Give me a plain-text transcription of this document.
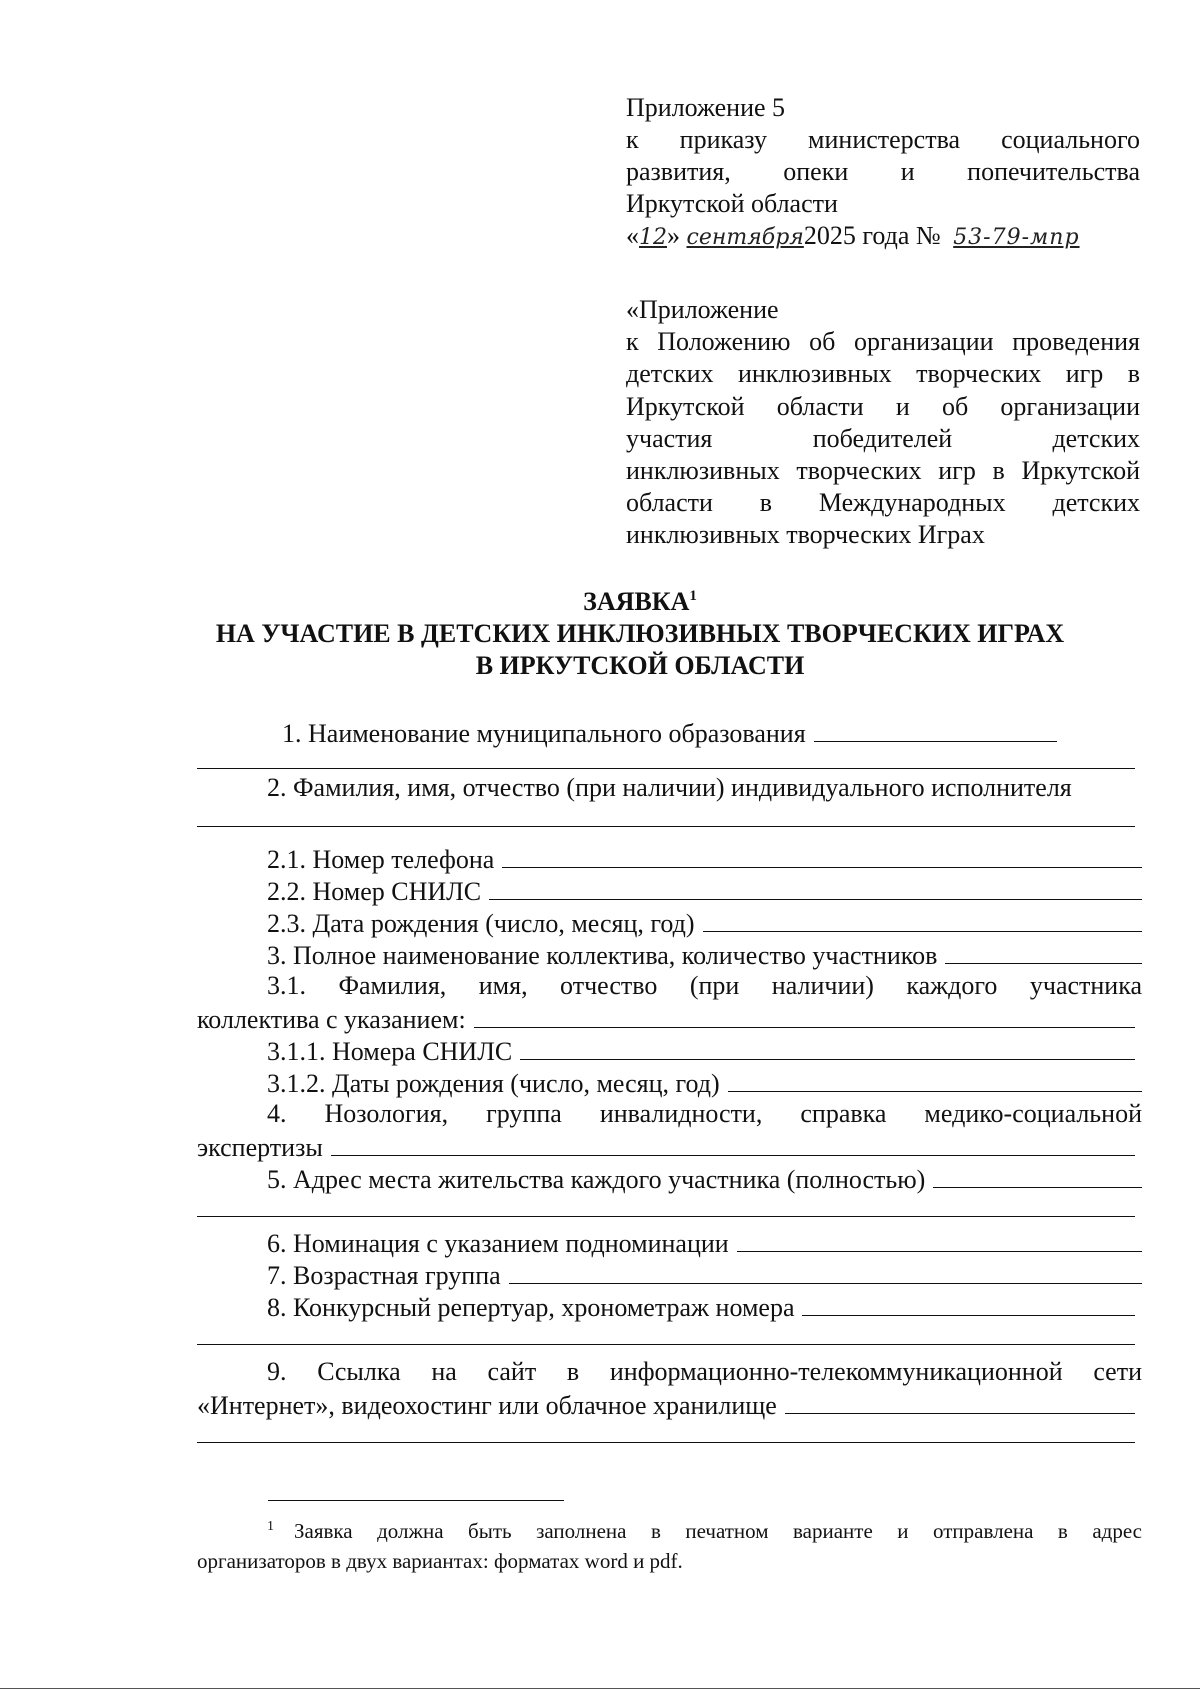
Приложение 5
к приказу министерства социального
развития, опеки и попечительства
Иркутской области
«12» сентября2025 года № 53-79-мпр
«Приложение
к Положению об организации проведения
детских инклюзивных творческих игр в
Иркутской области и об организации
участия победителей детских
инклюзивных творческих игр в Иркутской
области в Международных детских
инклюзивных творческих Играх
ЗАЯВКА$^1$
НА УЧАСТИЕ В ДЕТСКИХ ИНКЛЮЗИВНЫХ ТВОРЧЕСКИХ ИГРАХ
В ИРКУТСКОЙ ОБЛАСТИ
1. Наименование муниципального образования
2. Фамилия, имя, отчество (при наличии) индивидуального исполнителя
2.1. Номер телефона
2.2. Номер СНИЛС
2.3. Дата рождения (число, месяц, год)
3. Полное наименование коллектива, количество участников
3.1. Фамилия, имя, отчество (при наличии) каждого участника
коллектива с указанием:
3.1.1. Номера СНИЛС
3.1.2. Даты рождения (число, месяц, год)
4. Нозология, группа инвалидности, справка медико-социальной
экспертизы
5. Адрес места жительства каждого участника (полностью)
6. Номинация с указанием подноминации
7. Возрастная группа
8. Конкурсный репертуар, хронометраж номера
9. Ссылка на сайт в информационно-телекоммуникационной сети
«Интернет», видеохостинг или облачное хранилище
$^1$ Заявка должна быть заполнена в печатном варианте и отправлена в адрес
организаторов в двух вариантах: форматах word и pdf.
